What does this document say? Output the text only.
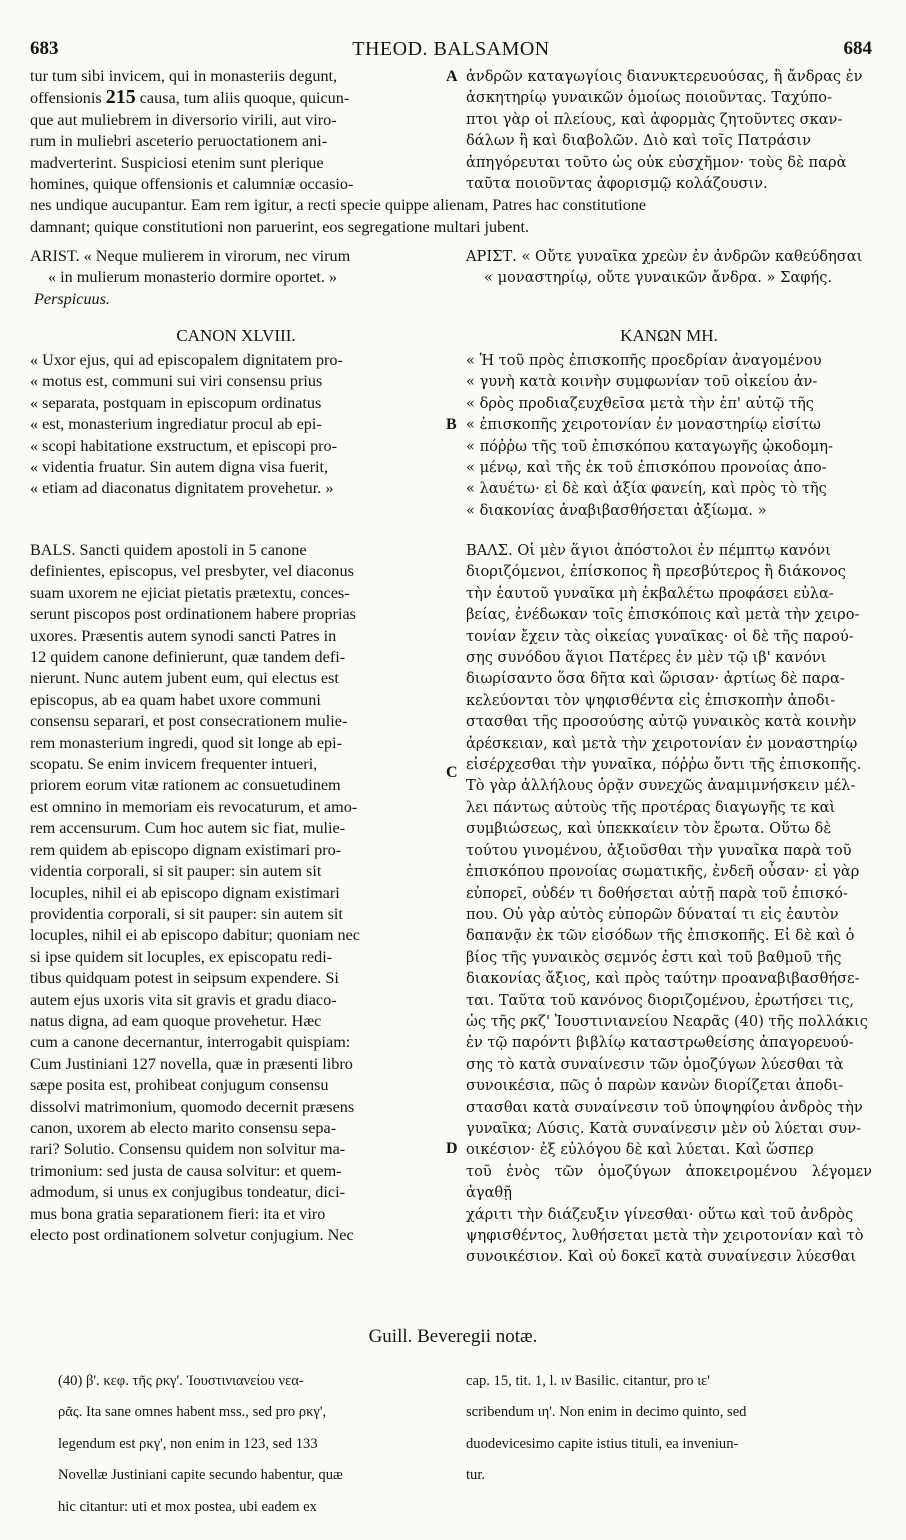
683	THEOD. BALSAMON	684

tur tum sibi invicem, qui in monasteriis degunt,

offensionis 215 causa, tum aliis quoque, quicun-

que aut muliebrem in diversorio virili, aut viro-

rum in muliebri asceterio peruoctationem ani-

madverterint. Suspiciosi etenim sunt plerique

homines, quique offensionis et calumniæ occasio-

A ἀνδρῶν καταγωγίοις διανυκτερευούσας, ἢ ἄνδρας ἐν

ἀσκητηρίῳ γυναικῶν ὁμοίως ποιοῦντας. Ταχύπο-

πτοι γὰρ οἱ πλείους, καὶ ἀφορμὰς ζητοῦντες σκαν-

δάλων ἢ καὶ διαβολῶν. Διὸ καὶ τοῖς Πατράσιν

ἀπηγόρευται τοῦτο ὡς οὐκ εὐσχῆμον· τοὺς δὲ παρὰ

ταῦτα ποιοῦντας ἀφορισμῷ κολάζουσιν.

nes undique aucupantur. Eam rem igitur, a recti specie quippe alienam, Patres hac constitutione
damnant; quique constitutioni non paruerint, eos segregatione multari jubent.

ARIST. « Neque mulierem in virorum, nec virum

« in mulierum monasterio dormire oportet. »

Perspicuus.

ΑΡΙΣΤ. « Οὔτε γυναῖκα χρεὼν ἐν ἀνδρῶν καθεύδησαι

« μοναστηρίῳ, οὔτε γυναικῶν ἄνδρα. » Σαφής.

CANON XLVIII.	ΚΑΝΩΝ ΜΗ.

« Uxor ejus, qui ad episcopalem dignitatem pro-

« motus est, communi sui viri consensu prius

« separata, postquam in episcopum ordinatus

« est, monasterium ingrediatur procul ab epi-

« scopi habitatione exstructum, et episcopi pro-

« videntia fruatur. Sin autem digna visa fuerit,

« etiam ad diaconatus dignitatem provehetur. »

B

« Ἡ τοῦ πρὸς ἐπισκοπῆς προεδρίαν ἀναγομένου

« γυνὴ κατὰ κοινὴν συμφωνίαν τοῦ οἰκείου ἀν-

« δρὸς προδιαζευχθεῖσα μετὰ τὴν ἐπ' αὐτῷ τῆς

« ἐπισκοπῆς χειροτονίαν ἐν μοναστηρίῳ εἰσίτω

« πόῤῥω τῆς τοῦ ἐπισκόπου καταγωγῆς ᾠκοδομη-

« μένῳ, καὶ τῆς ἐκ τοῦ ἐπισκόπου προνοίας ἀπο-

« λαυέτω· εἰ δὲ καὶ ἀξία φανείη, καὶ πρὸς τὸ τῆς

« διακονίας ἀναβιβασθήσεται ἀξίωμα. »

BALS. Sancti quidem apostoli in 5 canone

definientes, episcopus, vel presbyter, vel diaconus

suam uxorem ne ejiciat pietatis prætextu, conces-

serunt piscopos post ordinationem habere proprias

uxores. Præsentis autem synodi sancti Patres in

12 quidem canone definierunt, quæ tandem defi-

nierunt. Nunc autem jubent eum, qui electus est

episcopus, ab ea quam habet uxore communi

consensu separari, et post consecrationem mulie-

rem monasterium ingredi, quod sit longe ab epi-

scopatu. Se enim invicem frequenter intueri,

priorem eorum vitæ rationem ac consuetudinem

est omnino in memoriam eis revocaturum, et amo-

rem accensurum. Cum hoc autem sic fiat, mulie-

rem quidem ab episcopo dignam existimari pro-

videntia corporali, si sit pauper: sin autem sit

locuples, nihil ei ab episcopo dignam existimari

providentia corporali, si sit pauper: sin autem sit

locuples, nihil ei ab episcopo dabitur; quoniam nec

si ipse quidem sit locuples, ex episcopatu redi-

tibus quidquam potest in seipsum expendere. Si

autem ejus uxoris vita sit gravis et gradu diaco-

natus digna, ad eam quoque provehetur. Hæc

cum a canone decernantur, interrogabit quispiam:

Cum Justiniani 127 novella, quæ in præsenti libro

sæpe posita est, prohibeat conjugum consensu

dissolvi matrimonium, quomodo decernit præsens

canon, uxorem ab electo marito consensu sepa-

rari? Solutio. Consensu quidem non solvitur ma-

trimonium: sed justa de causa solvitur: et quem-

admodum, si unus ex conjugibus tondeatur, dici-

mus bona gratia separationem fieri: ita et viro

electo post ordinationem solvetur conjugium. Nec

C
D

ΒΑΛΣ. Οἱ μὲν ἅγιοι ἀπόστολοι ἐν πέμπτῳ κανόνι

διοριζόμενοι, ἐπίσκοπος ἢ πρεσβύτερος ἢ διάκονος

τὴν ἑαυτοῦ γυναῖκα μὴ ἐκβαλέτω προφάσει εὐλα-

βείας, ἐνέδωκαν τοῖς ἐπισκόποις καὶ μετὰ τὴν χειρο-

τονίαν ἔχειν τὰς οἰκείας γυναῖκας· οἱ δὲ τῆς παρού-

σης συνόδου ἅγιοι Πατέρες ἐν μὲν τῷ ιβ' κανόνι

διωρίσαντο ὅσα δῆτα καὶ ὥρισαν· ἀρτίως δὲ παρα-

κελεύονται τὸν ψηφισθέντα εἰς ἐπισκοπὴν ἀποδι-

στασθαι τῆς προσούσης αὐτῷ γυναικὸς κατὰ κοινὴν

ἀρέσκειαν, καὶ μετὰ τὴν χειροτονίαν ἐν μοναστηρίῳ

εἰσέρχεσθαι τὴν γυναῖκα, πόῤῥω ὄντι τῆς ἐπισκοπῆς.

Τὸ γὰρ ἀλλήλους ὁρᾷν συνεχῶς ἀναμιμνήσκειν μέλ-

λει πάντως αὐτοὺς τῆς προτέρας διαγωγῆς τε καὶ

συμβιώσεως, καὶ ὑπεκκαίειν τὸν ἔρωτα. Οὕτω δὲ

τούτου γινομένου, ἀξιοῦσθαι τὴν γυναῖκα παρὰ τοῦ

ἐπισκόπου προνοίας σωματικῆς, ἐνδεῆ οὖσαν· εἰ γὰρ

εὐπορεῖ, οὐδέν τι δοθήσεται αὐτῇ παρὰ τοῦ ἐπισκό-

που. Οὐ γὰρ αὐτὸς εὐπορῶν δύναταί τι εἰς ἑαυτὸν

δαπανᾷν ἐκ τῶν εἰσόδων τῆς ἐπισκοπῆς. Εἰ δὲ καὶ ὁ

βίος τῆς γυναικὸς σεμνός ἐστι καὶ τοῦ βαθμοῦ τῆς

διακονίας ἄξιος, καὶ πρὸς ταύτην προαναβιβασθήσε-

ται. Ταῦτα τοῦ κανόνος διοριζομένου, ἐρωτήσει τις,

ὡς τῆς ρκζ' Ἰουστινιανείου Νεαρᾶς (40) τῆς πολλάκις

ἐν τῷ παρόντι βιβλίῳ καταστρωθείσης ἀπαγορευού-

σης τὸ κατὰ συναίνεσιν τῶν ὁμοζύγων λύεσθαι τὰ

συνοικέσια, πῶς ὁ παρὼν κανὼν διορίζεται ἀποδι-

στασθαι κατὰ συναίνεσιν τοῦ ὑποψηφίου ἀνδρὸς τὴν

γυναῖκα; Λύσις. Κατὰ συναίνεσιν μὲν οὐ λύεται συν-

οικέσιον· ἐξ εὐλόγου δὲ καὶ λύεται. Καὶ ὥσπερ

τοῦ ἑνὸς τῶν ὁμοζύγων ἀποκειρομένου λέγομεν ἀγαθῇ

χάριτι τὴν διάζευξιν γίνεσθαι· οὕτω καὶ τοῦ ἀνδρὸς

ψηφισθέντος, λυθήσεται μετὰ τὴν χειροτονίαν καὶ τὸ

συνοικέσιον. Καὶ οὐ δοκεῖ κατὰ συναίνεσιν λύεσθαι

Guill. Beveregii notæ.

(40) β'. κεφ. τῆς ρκγ'. Ἰουστινιανείου νεα-

ρᾶς. Ita sane omnes habent mss., sed pro ρκγ',

legendum est ρκγ', non enim in 123, sed 133

Novellæ Justiniani capite secundo habentur, quæ

hic citantur: uti et mox postea, ubi eadem ex

cap. 15, tit. 1, l. ιν Basilic. citantur, pro ιε'

scribendum ιη'. Non enim in decimo quinto, sed

duodevicesimo capite istius tituli, ea inveniun-

tur.
